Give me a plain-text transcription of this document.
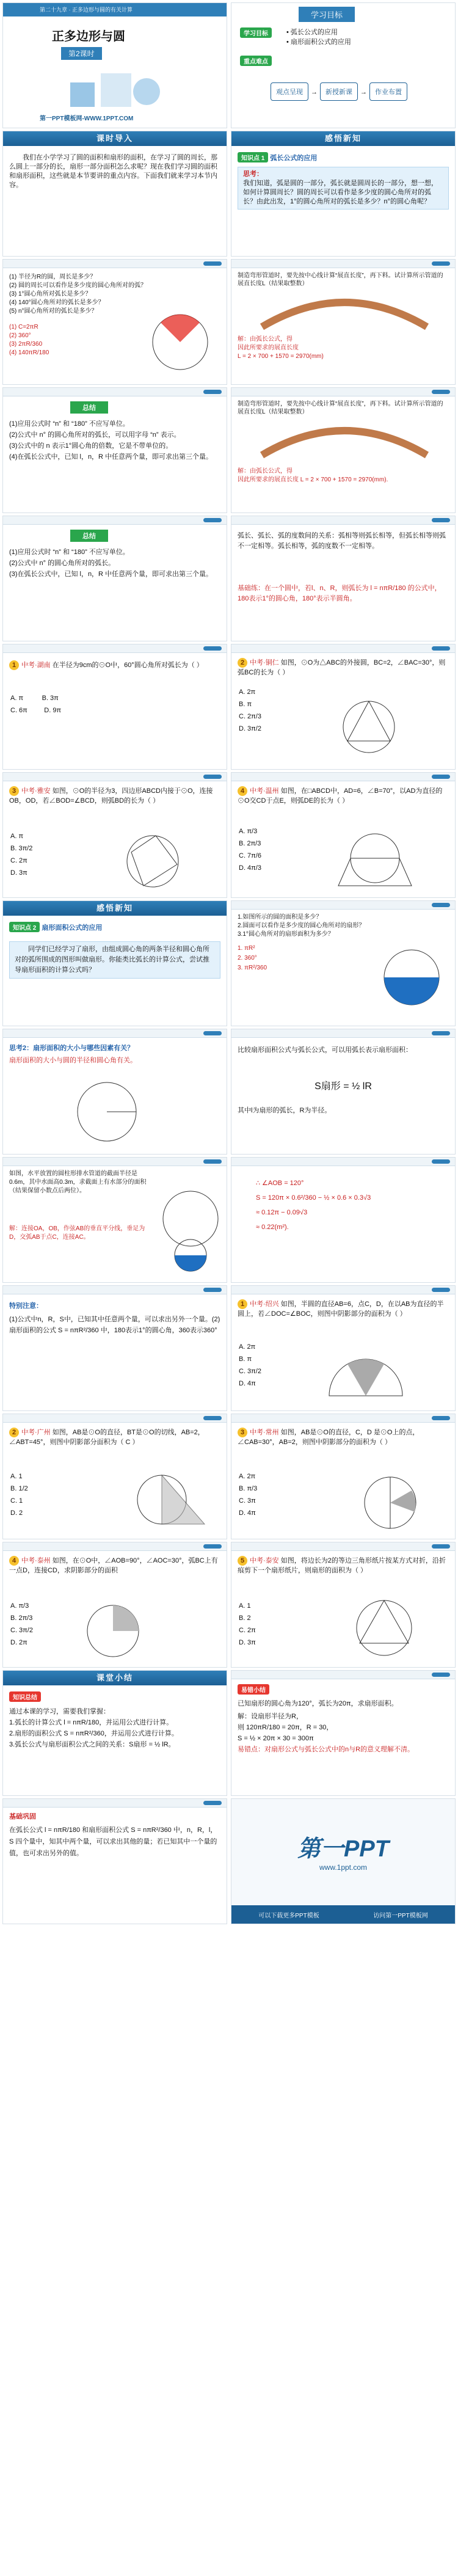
第二十九章 · 正多边形与圆的有关计算
正多边形与圆
第2课时
第一PPT模板网-WWW.1PPT.COM
学习目标
学习目标	• 弧长公式的应用
• 扇形面积公式的应用
重点难点
观点呈现 → 新授新课 → 作业布置
课时导入
我们在小学学习了圆的面积和扇形的面积，在学习了圆的周长，那么圆上一部分的长，扇形一部分面积怎么求呢？现在我们学习圆的面积和扇形面积，这些就是本节要讲的重点内容。下面我们就来学习本节内容。
感悟新知
知识点 1 弧长公式的应用
思考：
我们知道，弧是圆的一部分，弧长就是圆周长的一部分，想一想，如何计算圆周长？圆的周长可以看作是多少度的圆心角所对的弧长？由此出发，1°的圆心角所对的弧长是多少？n°的圆心角呢？
(1) 半径为R的圆，周长是多少？
(2) 圆的周长可以看作是多少度的圆心角所对的弧？
(3) 1°圆心角所对弧长是多少？
(4) 140°圆心角所对的弧长是多少？
(5) n°圆心角所对的弧长是多少？
(1) C=2πR
(2) 360°
(3) 2πR/360
(4) 140πR/180
制造弯形管道时，要先按中心线计算“展直长度”，再下料。试计算所示管道的展直长度L（结果取整数）
解：由弧长公式，得
因此所要求的展直长度
L = 2 × 700 + 1570 = 2970(mm)
总结
(1)应用公式时 “n” 和 “180” 不应写单位。
(2)公式中 n° 的圆心角所对的弧长，可以用字母 “n” 表示。
(3)公式中的 n 表示1°圆心角的倍数，它是不带单位的。
(4)在弧长公式中，已知 l，n，R 中任意两个量，即可求出第三个量。
制造弯形管道时，要先按中心线计算“展直长度”，再下料。试计算所示管道的展直长度L（结果取整数）
解：由弧长公式，得
因此所要求的展直长度 L = 2 × 700 + 1570 = 2970(mm).
总结
(1)应用公式时 “n” 和 “180” 不应写单位。
(2)公式中 n° 的圆心角所对的弧长。
(3)在弧长公式中，已知 l，n，R 中任意两个量，即可求出第三个量。
弧长、弧长、弧的度数间的关系：弧相等则弧长相等，但弧长相等则弧不一定相等。弧长相等，弧的度数不一定相等。
基础练：在一个圆中，若l、n、R，则弧长为 l = nπR/180 的公式中，180表示1°的圆心角，180°表示半圆角。
1 中考·湖南 在半径为9cm的⊙O中，60°圆心角所对弧长为（ ）
A. π	B. 3π
C. 6π	D. 9π
2 中考·铜仁 如图，⊙O为△ABC的外接圆，BC=2，∠BAC=30°，则弧BC的长为（ ）
A. 2π
B. π
C. 2π/3
D. 3π/2
3 中考·雅安 如图，⊙O的半径为3，四边形ABCD内接于⊙O，连接OB，OD，若∠BOD=∠BCD，则弧BD的长为（ ）
A. π
B. 3π/2
C. 2π
D. 3π
4 中考·温州 如图，在□ABCD中，AD=6，∠B=70°，以AD为直径的⊙O交CD于点E，则弧DE的长为（ ）
A. π/3
B. 2π/3
C. 7π/6
D. 4π/3
感悟新知
知识点 2 扇形面积公式的应用
同学们已经学习了扇形，由组成圆心角的两条半径和圆心角所对的弧所围成的图形叫做扇形。你能类比弧长的计算公式，尝试推导扇形面积的计算公式吗？
1.如图所示的圆的面积是多少？
2.圆面可以看作是多少度的圆心角所对的扇形？
3.1°圆心角所对的扇形面积为多少？
1. πR²
2. 360°
3. πR²/360
思考2：扇形面积的大小与哪些因素有关？
扇形面积的大小与圆的半径和圆心角有关。
比较扇形面积公式与弧长公式，可以用弧长表示扇形面积：
S扇形 = ½ lR
其中l为扇形的弧长，R为半径。
如图，水平放置的圆柱形排水管道的截面半径是0.6m，其中水面高0.3m，求截面上有水部分的面积（结果保留小数点后两位）。
解：连接OA，OB，作弦AB的垂直平分线，垂足为D，交弧AB于点C，连接AC。
∴ ∠AOB = 120°
S = 120π × 0.6²/360 − ½ × 0.6 × 0.3√3
≈ 0.12π − 0.09√3
≈ 0.22(m²).
特别注意：
(1)公式中n，R，S中，已知其中任意两个量，可以求出另外一个量。(2)扇形面积的公式 S = nπR²/360 中，180表示1°的圆心角，360表示360°
1 中考·绍兴 如图，半圆的直径AB=6，点C，D，在以AB为直径的半圆上，若∠DOC=∠BOC，则图中阴影部分的面积为（ ）
A. 2π
B. π
C. 3π/2
D. 4π
2 中考·广州 如图，AB是⊙O的直径，BT是⊙O的切线，AB=2，∠ABT=45°，则图中阴影部分面积为（ C ）
A. 1
B. 1/2
C. 1
D. 2
3 中考·常州 如图，AB是⊙O的直径，C，D 是⊙O上的点，∠CAB=30°，AB=2，则图中阴影部分的面积为（ ）
A. 2π
B. π/3
C. 3π
D. 4π
4 中考·泰州 如图，在⊙O中，∠AOB=90°，∠AOC=30°，弧BC上有一点D，连接CD，求阴影部分的面积
A. π/3
B. 2π/3
C. 3π/2
D. 2π
5 中考·泰安 如图，将边长为2的等边三角形纸片按某方式对折，沿折痕剪下一个扇形纸片，则扇形的面积为（ ）
A. 1
B. 2
C. 2π
D. 3π
课堂小结
知识总结
通过本课的学习，需要我们掌握：
1.弧长的计算公式 l = nπR/180，并运用公式进行计算。
2.扇形的面积公式 S = nπR²/360，并运用公式进行计算。
3.弧长公式与扇形面积公式之间的关系：S扇形 = ½ lR。
易错小结
已知扇形的圆心角为120°，弧长为20π，求扇形面积。
解：设扇形半径为R，
则 120πR/180 = 20π，R = 30，
S = ½ × 20π × 30 = 300π
易错点：对扇形公式与弧长公式中的n与R的意义理解不清。
基础巩固
在弧长公式 l = nπR/180 和扇形面积公式 S = nπR²/360 中，n，R，l，S 四个量中，知其中两个量，可以求出其他的量；若已知其中一个量的值，也可求出另外的值。	第一PPT
www.1ppt.com
可以下载更多PPT模板	访问第一PPT模板网
